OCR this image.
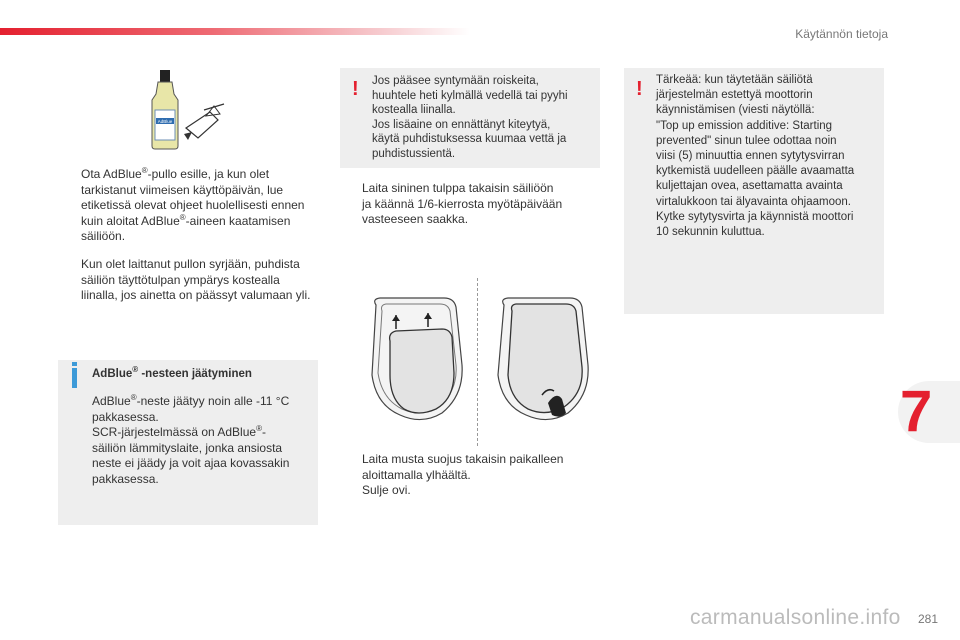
Käytännön tietoja
7
281
AdBlue
Ota AdBlue®-pullo esille, ja kun olet
tarkistanut viimeisen käyttöpäivän, lue
etiketissä olevat ohjeet huolellisesti ennen
kuin aloitat AdBlue®-aineen kaatamisen
säiliöön.
Kun olet laittanut pullon syrjään, puhdista
säiliön täyttötulpan ympärys kostealla
liinalla, jos ainetta on päässyt valumaan yli.
AdBlue® -nesteen jäätyminen
AdBlue®-neste jäätyy noin alle -11 °C
pakkasessa.
SCR-järjestelmässä on AdBlue®-
säiliön lämmityslaite, jonka ansiosta
neste ei jäädy ja voit ajaa kovassakin
pakkasessa.
! Jos pääsee syntymään roiskeita,
huuhtele heti kylmällä vedellä tai pyyhi
kostealla liinalla.
Jos lisäaine on ennättänyt kiteytyä,
käytä puhdistuksessa kuumaa vettä ja
puhdistussientä.
Laita sininen tulppa takaisin säiliöön
ja käännä 1/6-kierrosta myötäpäivään
vasteeseen saakka.
Laita musta suojus takaisin paikalleen
aloittamalla ylhäältä.
Sulje ovi.
! Tärkeää: kun täytetään säiliötä
järjestelmän estettyä moottorin
käynnistämisen (viesti näytöllä:
"Top up emission additive: Starting
prevented" sinun tulee odottaa noin
viisi (5) minuuttia ennen sytytysvirran
kytkemistä uudelleen päälle avaamatta
kuljettajan ovea, asettamatta avainta
virtalukkoon tai älyavainta ohjaamoon.
Kytke sytytysvirta ja käynnistä moottori
10 sekunnin kuluttua.
carmanualsonline.info
